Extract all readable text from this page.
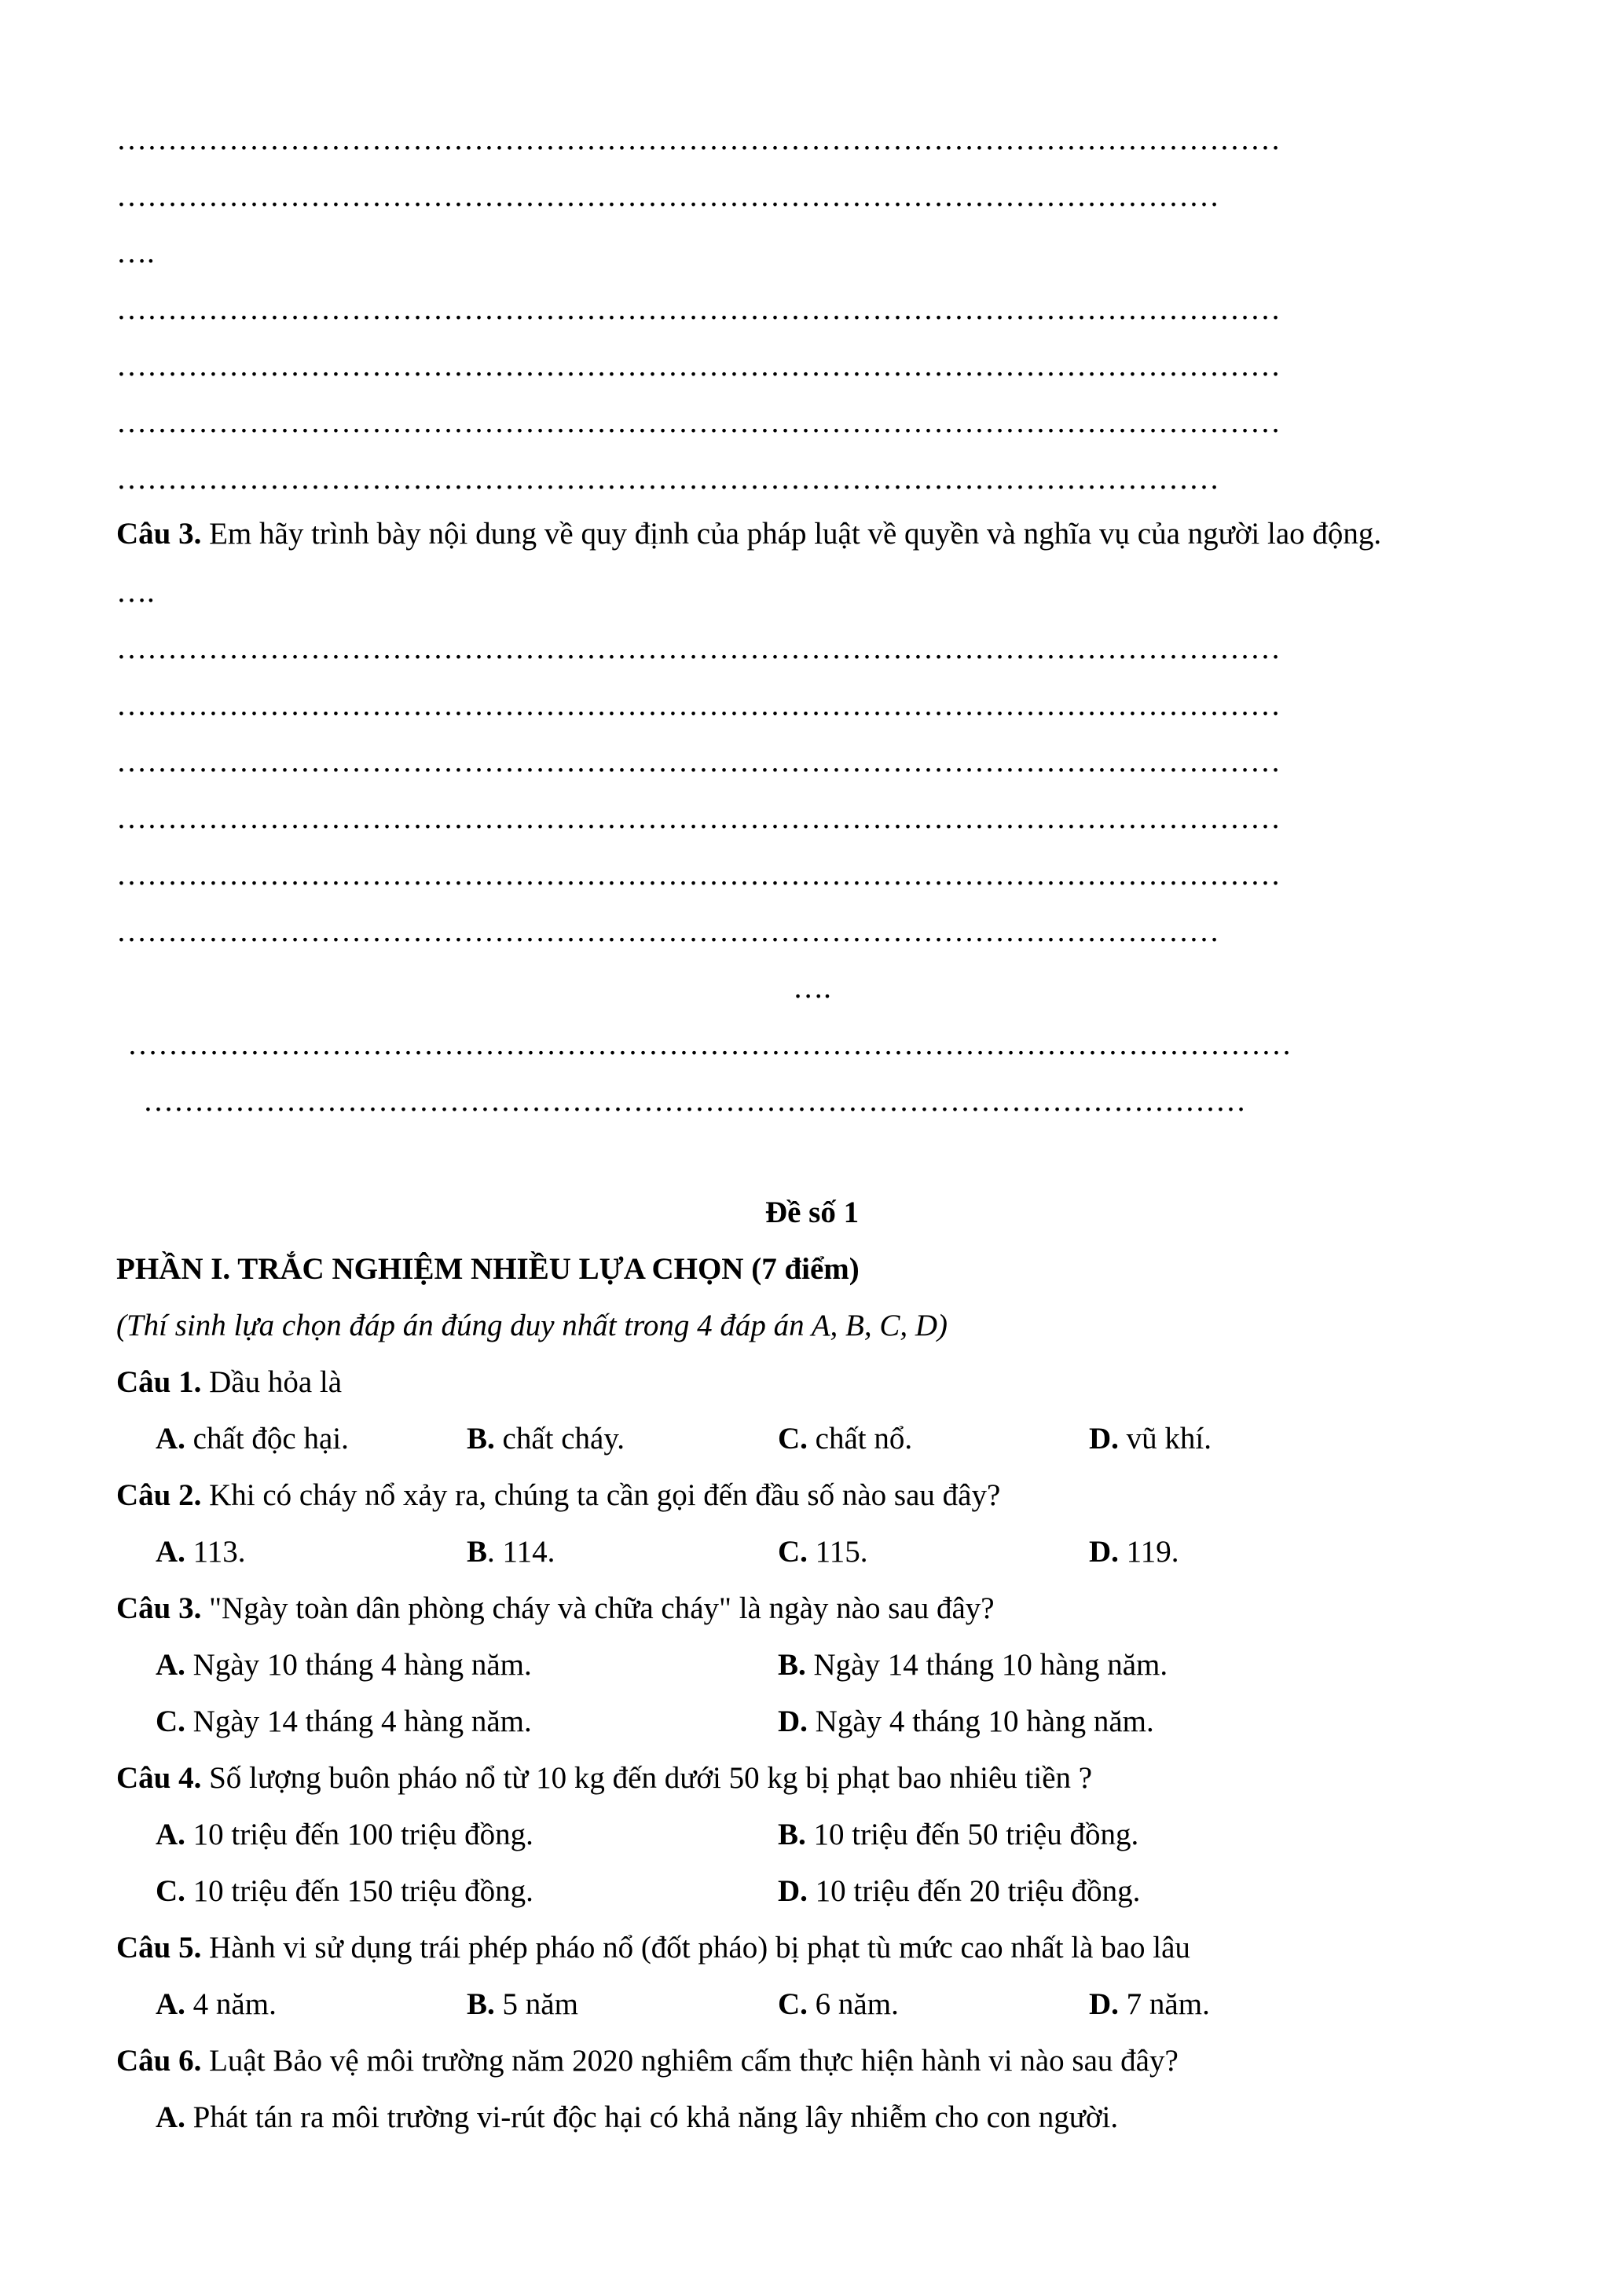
……………………………………………………………………………………………………
………………………………………………………………………………………………
….
……………………………………………………………………………………………………
……………………………………………………………………………………………………
……………………………………………………………………………………………………
………………………………………………………………………………………………
Câu 3. Em hãy trình bày nội dung về quy định của pháp luật về quyền và nghĩa vụ của người lao động.
….
……………………………………………………………………………………………………
……………………………………………………………………………………………………
……………………………………………………………………………………………………
……………………………………………………………………………………………………
……………………………………………………………………………………………………
………………………………………………………………………………………………
….
……………………………………………………………………………………………………
………………………………………………………………………………………………
Đề số 1
PHẦN I. TRẮC NGHIỆM NHIỀU LỰA CHỌN (7 điểm)
(Thí sinh lựa chọn đáp án đúng duy nhất trong 4 đáp án A, B, C, D)
Câu 1. Dầu hỏa là
A. chất độc hại.	B. chất cháy.	C. chất nổ.	D. vũ khí.
Câu 2. Khi có cháy nổ xảy ra, chúng ta cần gọi đến đầu số nào sau đây?
A. 113.	B. 114.	C. 115.	D. 119.
Câu 3. "Ngày toàn dân phòng cháy và chữa cháy" là ngày nào sau đây?
A. Ngày 10 tháng 4 hàng năm.	B. Ngày 14 tháng 10 hàng năm.
C. Ngày 14 tháng 4 hàng năm.	D. Ngày 4 tháng 10 hàng năm.
Câu 4. Số lượng buôn pháo nổ từ 10 kg đến dưới 50 kg bị phạt bao nhiêu tiền ?
A. 10 triệu đến 100 triệu đồng.	B. 10 triệu đến 50 triệu đồng.
C. 10 triệu đến 150 triệu đồng.	D. 10 triệu đến 20 triệu đồng.
Câu 5. Hành vi sử dụng trái phép pháo nổ (đốt pháo) bị phạt tù mức cao nhất là bao lâu
A. 4 năm.	B. 5 năm	C. 6 năm.	D. 7 năm.
Câu 6. Luật Bảo vệ môi trường năm 2020 nghiêm cấm thực hiện hành vi nào sau đây?
A. Phát tán ra môi trường vi-rút độc hại có khả năng lây nhiễm cho con người.
